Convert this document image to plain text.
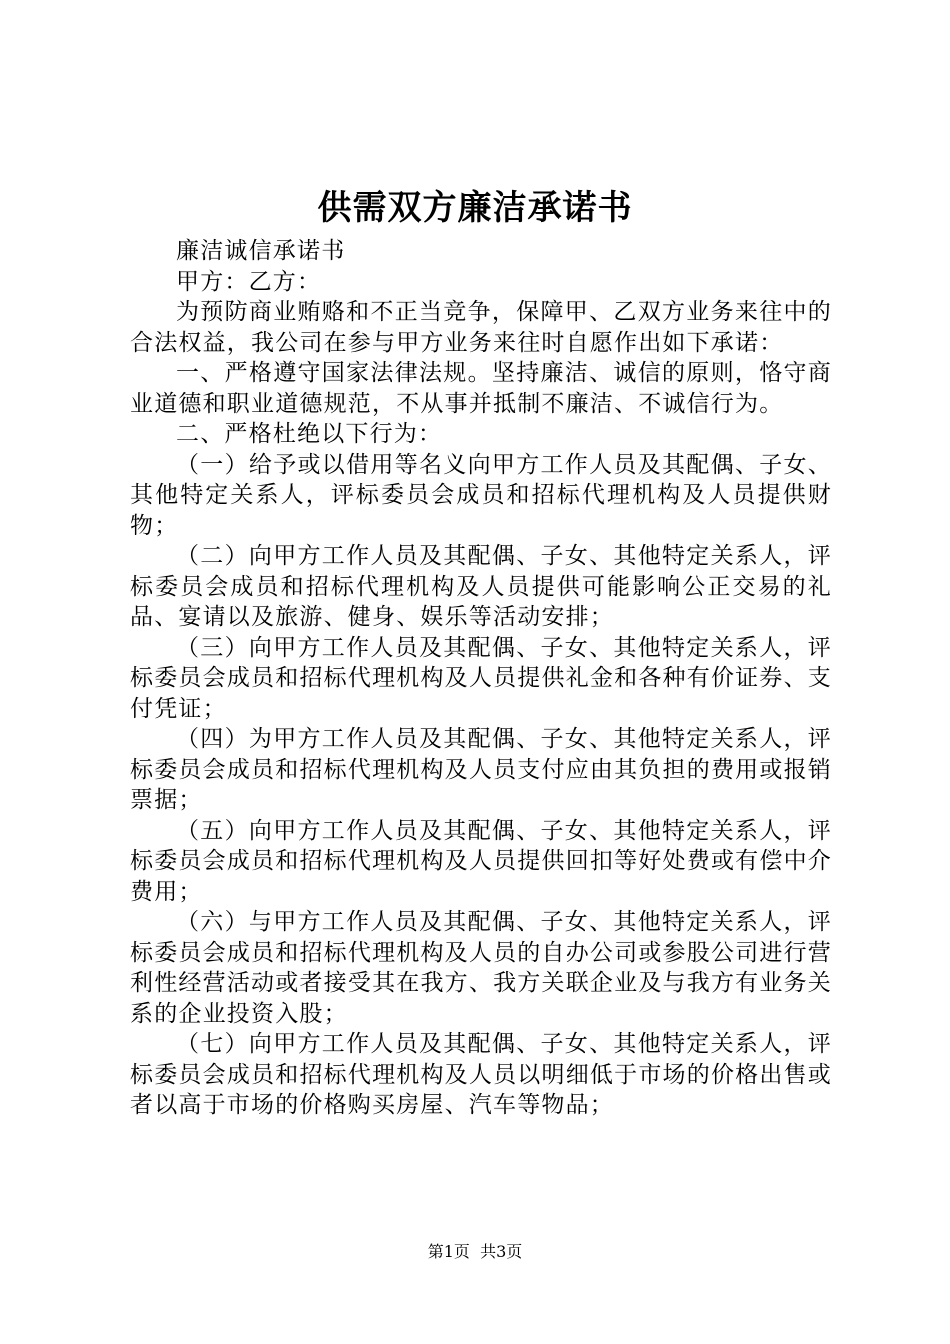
供需双方廉洁承诺书

廉洁诚信承诺书

甲方：乙方：

为预防商业贿赂和不正当竞争，保障甲、乙双方业务来往中的合法权益，我公司在参与甲方业务来往时自愿作出如下承诺：

一、严格遵守国家法律法规。坚持廉洁、诚信的原则，恪守商业道德和职业道德规范，不从事并抵制不廉洁、不诚信行为。

二、严格杜绝以下行为：

（一）给予或以借用等名义向甲方工作人员及其配偶、子女、其他特定关系人，评标委员会成员和招标代理机构及人员提供财物；

（二）向甲方工作人员及其配偶、子女、其他特定关系人，评标委员会成员和招标代理机构及人员提供可能影响公正交易的礼品、宴请以及旅游、健身、娱乐等活动安排；

（三）向甲方工作人员及其配偶、子女、其他特定关系人，评标委员会成员和招标代理机构及人员提供礼金和各种有价证券、支付凭证；

（四）为甲方工作人员及其配偶、子女、其他特定关系人，评标委员会成员和招标代理机构及人员支付应由其负担的费用或报销票据；

（五）向甲方工作人员及其配偶、子女、其他特定关系人，评标委员会成员和招标代理机构及人员提供回扣等好处费或有偿中介费用；

（六）与甲方工作人员及其配偶、子女、其他特定关系人，评标委员会成员和招标代理机构及人员的自办公司或参股公司进行营利性经营活动或者接受其在我方、我方关联企业及与我方有业务关系的企业投资入股；

（七）向甲方工作人员及其配偶、子女、其他特定关系人，评标委员会成员和招标代理机构及人员以明细低于市场的价格出售或者以高于市场的价格购买房屋、汽车等物品；

第1页 共3页
